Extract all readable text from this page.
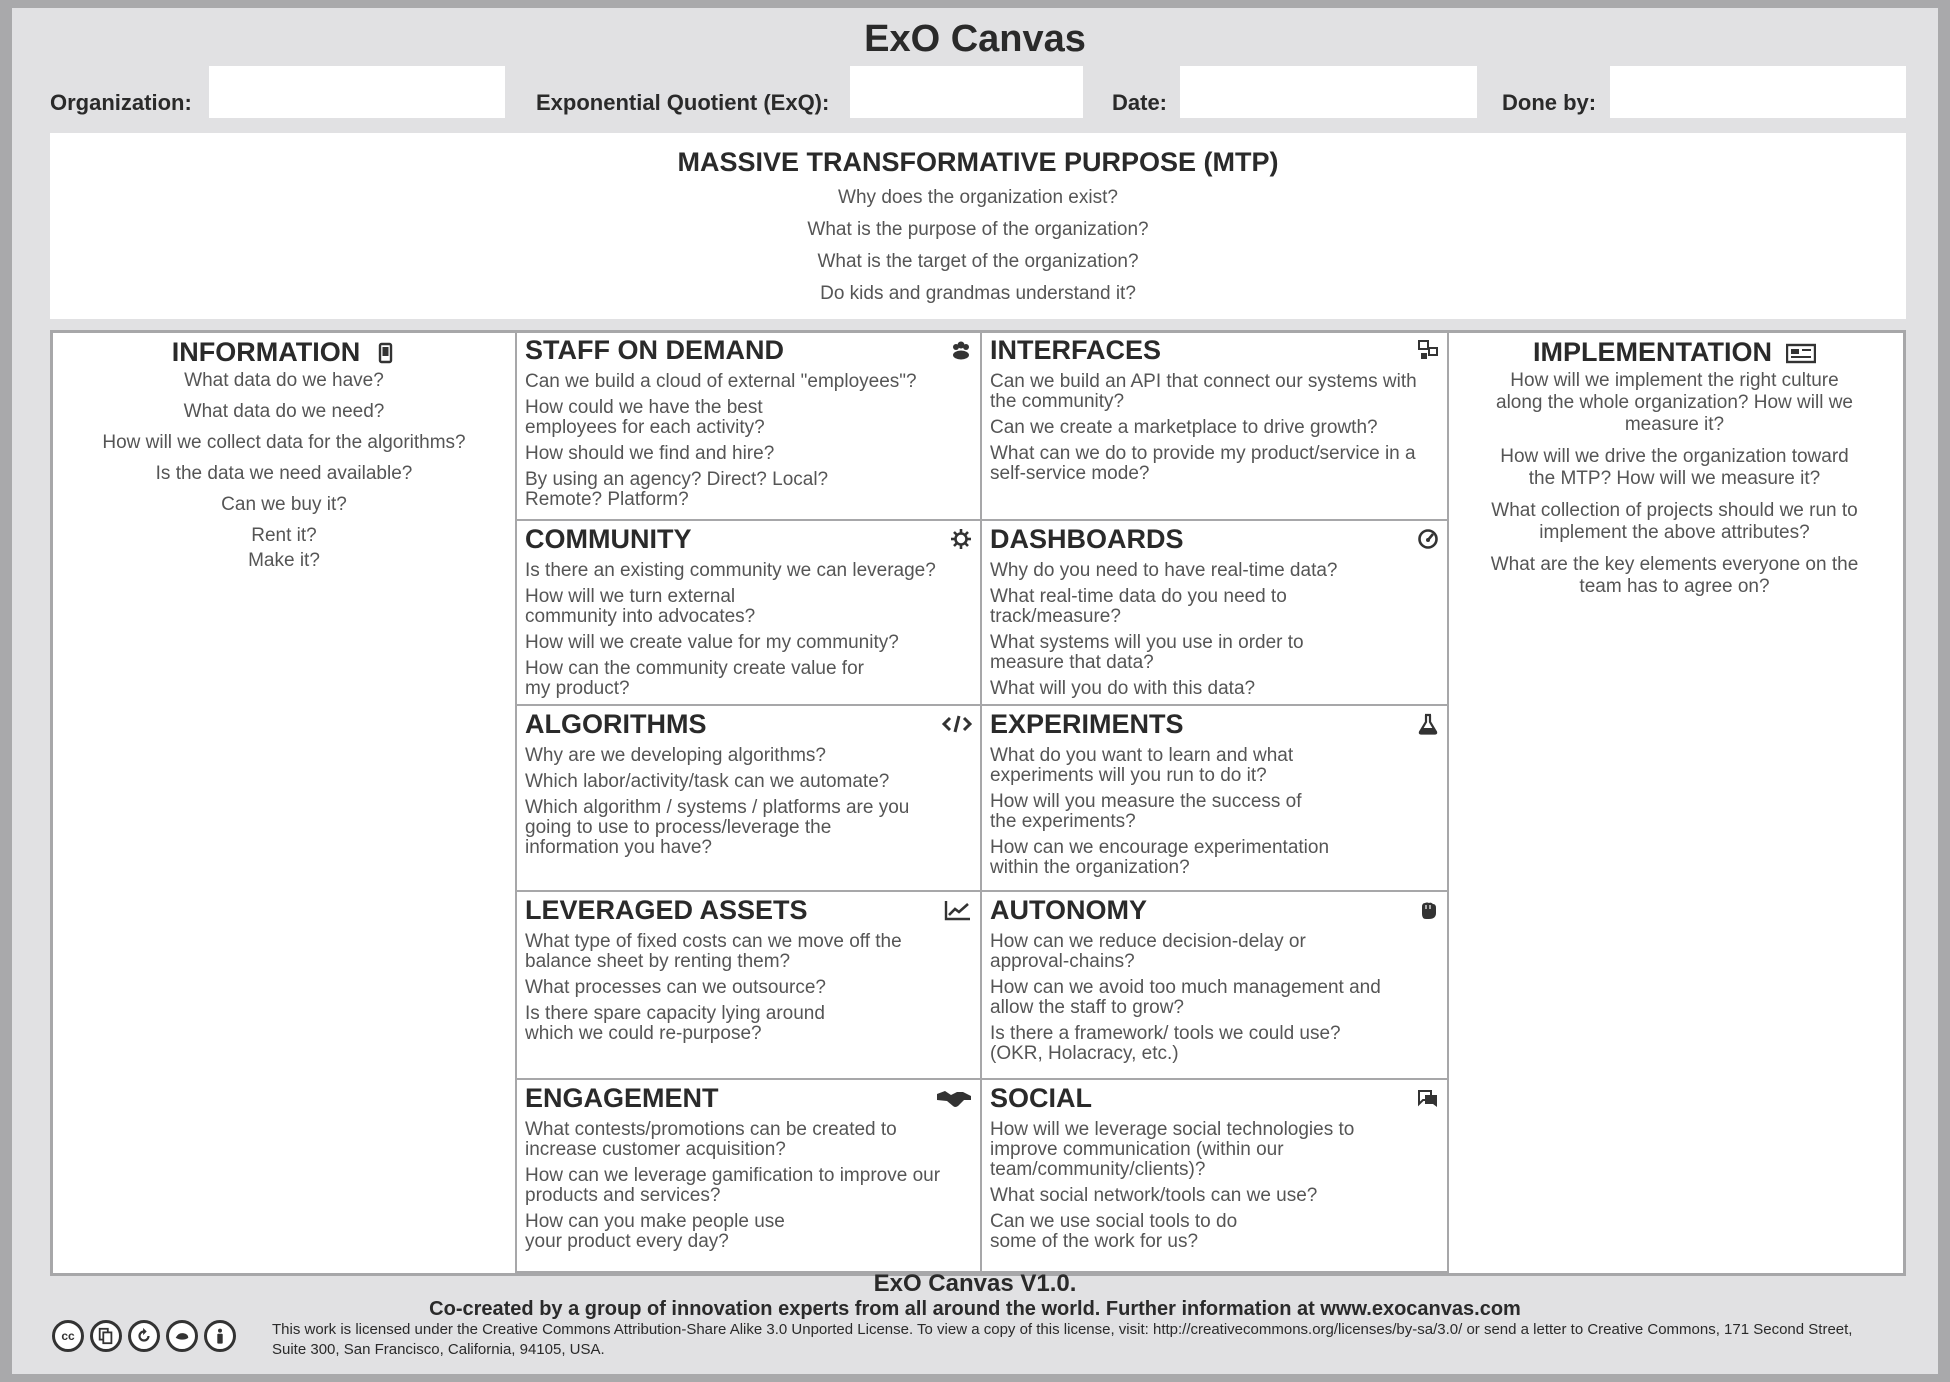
ExO Canvas
Organization:	Exponential Quotient (ExQ):	Date:	Done by:
MASSIVE TRANSFORMATIVE PURPOSE (MTP)
Why does the organization exist?
What is the purpose of the organization?
What is the target of the organization?
Do kids and grandmas understand it?
INFORMATION
What data do we have?
What data do we need?
How will we collect data for the algorithms?
Is the data we need available?
Can we buy it?
Rent it?
Make it?
IMPLEMENTATION
How will we implement the right culture along the whole organization? How will we measure it?
How will we drive the organization toward the MTP? How will we measure it?
What collection of projects should we run to implement the above attributes?
What are the key elements everyone on the team has to agree on?
STAFF ON DEMAND
Can we build a cloud of external "employees"?
How could we have the best employees for each activity?
How should we find and hire?
By using an agency? Direct? Local? Remote? Platform?
INTERFACES
Can we build an API that connect our systems with the community?
Can we create a marketplace to drive growth?
What can we do to provide my product/service in a self-service mode?
COMMUNITY
Is there an existing community we can leverage?
How will we turn external community into advocates?
How will we create value for my community?
How can the community create value for my product?
DASHBOARDS
Why do you need to have real-time data?
What real-time data do you need to track/measure?
What systems will you use in order to measure that data?
What will you do with this data?
ALGORITHMS
Why are we developing algorithms?
Which labor/activity/task can we automate?
Which algorithm / systems / platforms are you going to use to process/leverage the information you have?
EXPERIMENTS
What do you want to learn and what experiments will you run to do it?
How will you measure the success of the experiments?
How can we encourage experimentation within the organization?
LEVERAGED ASSETS
What type of fixed costs can we move off the balance sheet by renting them?
What processes can we outsource?
Is there spare capacity lying around which we could re-purpose?
AUTONOMY
How can we reduce decision-delay or approval-chains?
How can we avoid too much management and allow the staff to grow?
Is there a framework/ tools we could use? (OKR, Holacracy, etc.)
ENGAGEMENT
What contests/promotions can be created to increase customer acquisition?
How can we leverage gamification to improve our products and services?
How can you make people use your product every day?
SOCIAL
How will we leverage social technologies to improve communication (within our team/community/clients)?
What social network/tools can we use?
Can we use social tools to do some of the work for us?
ExO Canvas V1.0.
Co-created by a group of innovation experts from all around the world. Further information at www.exocanvas.com
cc	This work is licensed under the Creative Commons Attribution-Share Alike 3.0 Unported License. To view a copy of this license, visit: http://creativecommons.org/licenses/by-sa/3.0/ or send a letter to Creative Commons, 171 Second Street, Suite 300, San Francisco, California, 94105, USA.
